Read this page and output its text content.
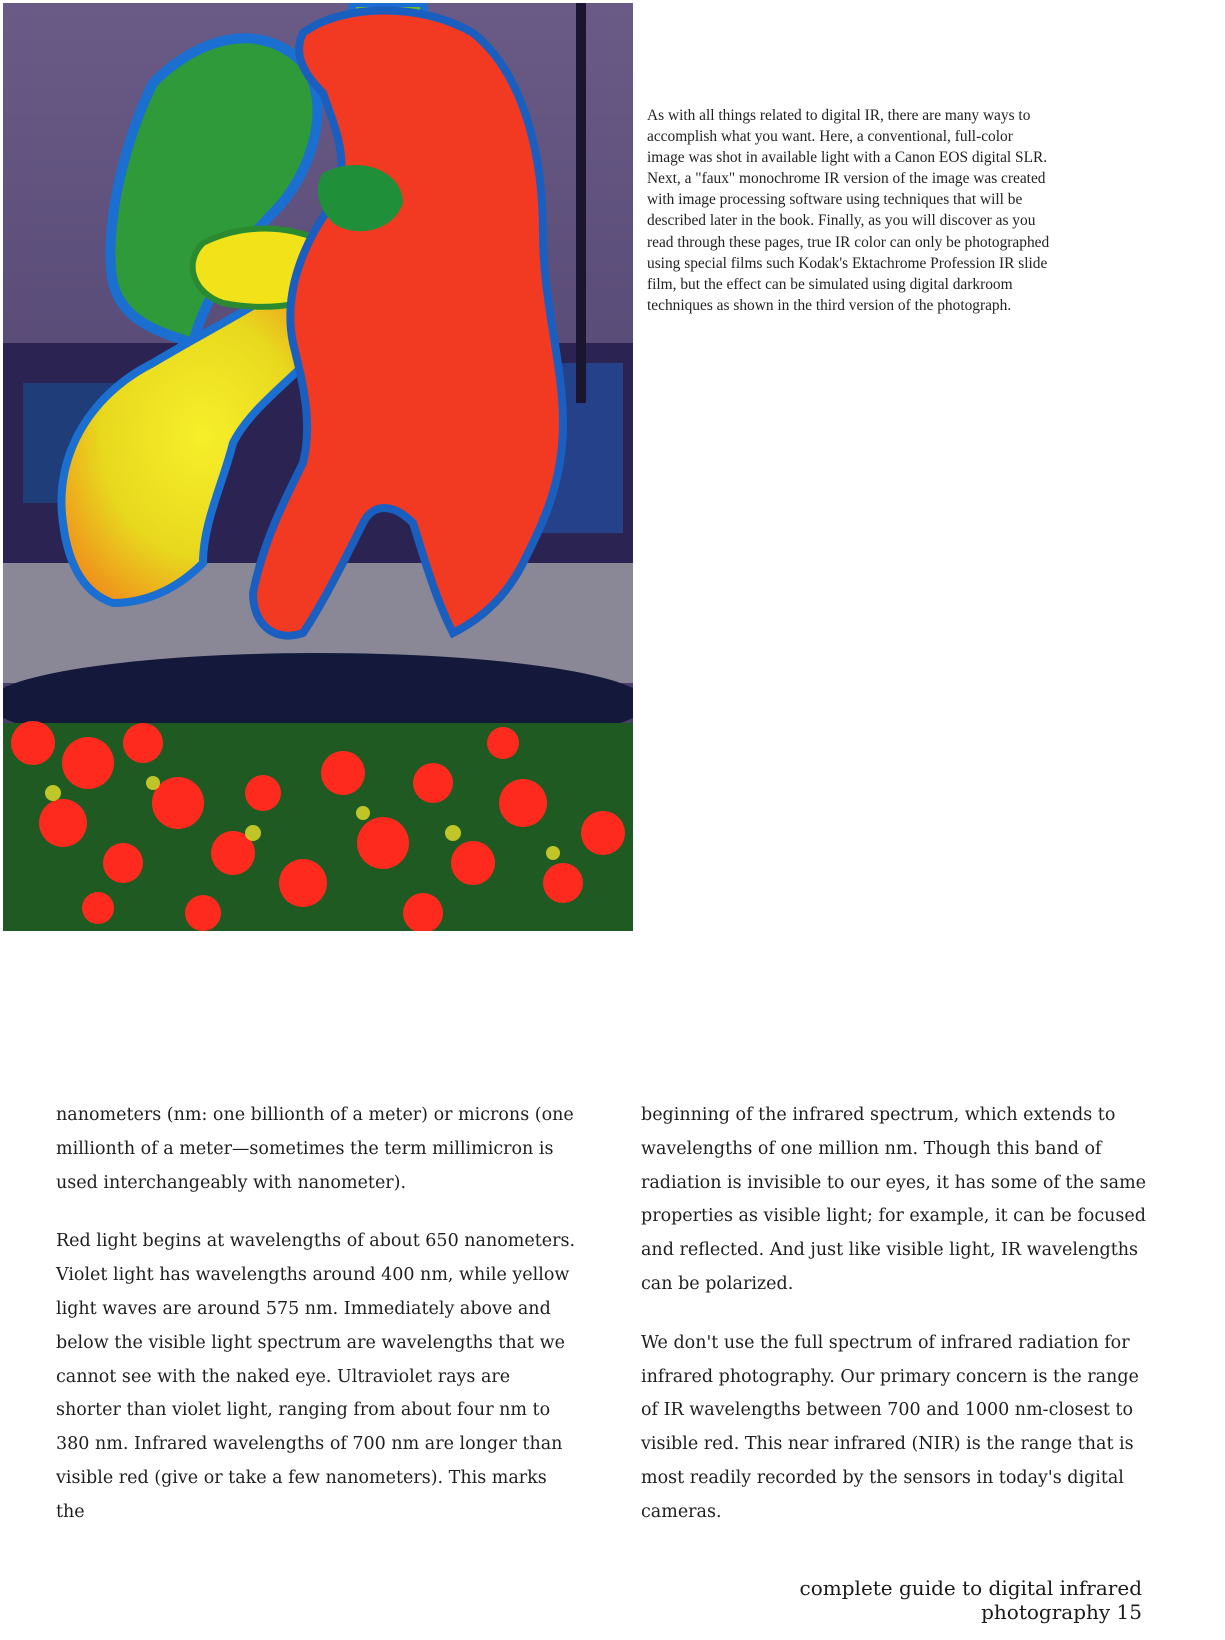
As with all things related to digital IR, there are many ways to accomplish what you want. Here, a conventional, full-color image was shot in available light with a Canon EOS digital SLR. Next, a "faux" monochrome IR version of the image was created with image processing software using techniques that will be described later in the book. Finally, as you will discover as you read through these pages, true IR color can only be photographed using special films such Kodak's Ektachrome Profession IR slide film, but the effect can be simulated using digital darkroom techniques as shown in the third version of the photograph.

nanometers (nm: one billionth of a meter) or microns (one millionth of a meter—sometimes the term millimicron is used interchangeably with nanometer).

Red light begins at wavelengths of about 650 nanometers. Violet light has wavelengths around 400 nm, while yellow light waves are around 575 nm. Immediately above and below the visible light spectrum are wavelengths that we cannot see with the naked eye. Ultraviolet rays are shorter than violet light, ranging from about four nm to 380 nm. Infrared wavelengths of 700 nm are longer than visible red (give or take a few nanometers). This marks the

beginning of the infrared spectrum, which extends to wavelengths of one million nm. Though this band of radiation is invisible to our eyes, it has some of the same properties as visible light; for example, it can be focused and reflected. And just like visible light, IR wavelengths can be polarized.

We don't use the full spectrum of infrared radiation for infrared photography. Our primary concern is the range of IR wavelengths between 700 and 1000 nm-closest to visible red. This near infrared (NIR) is the range that is most readily recorded by the sensors in today's digital cameras.

complete guide to digital infrared photography 15
